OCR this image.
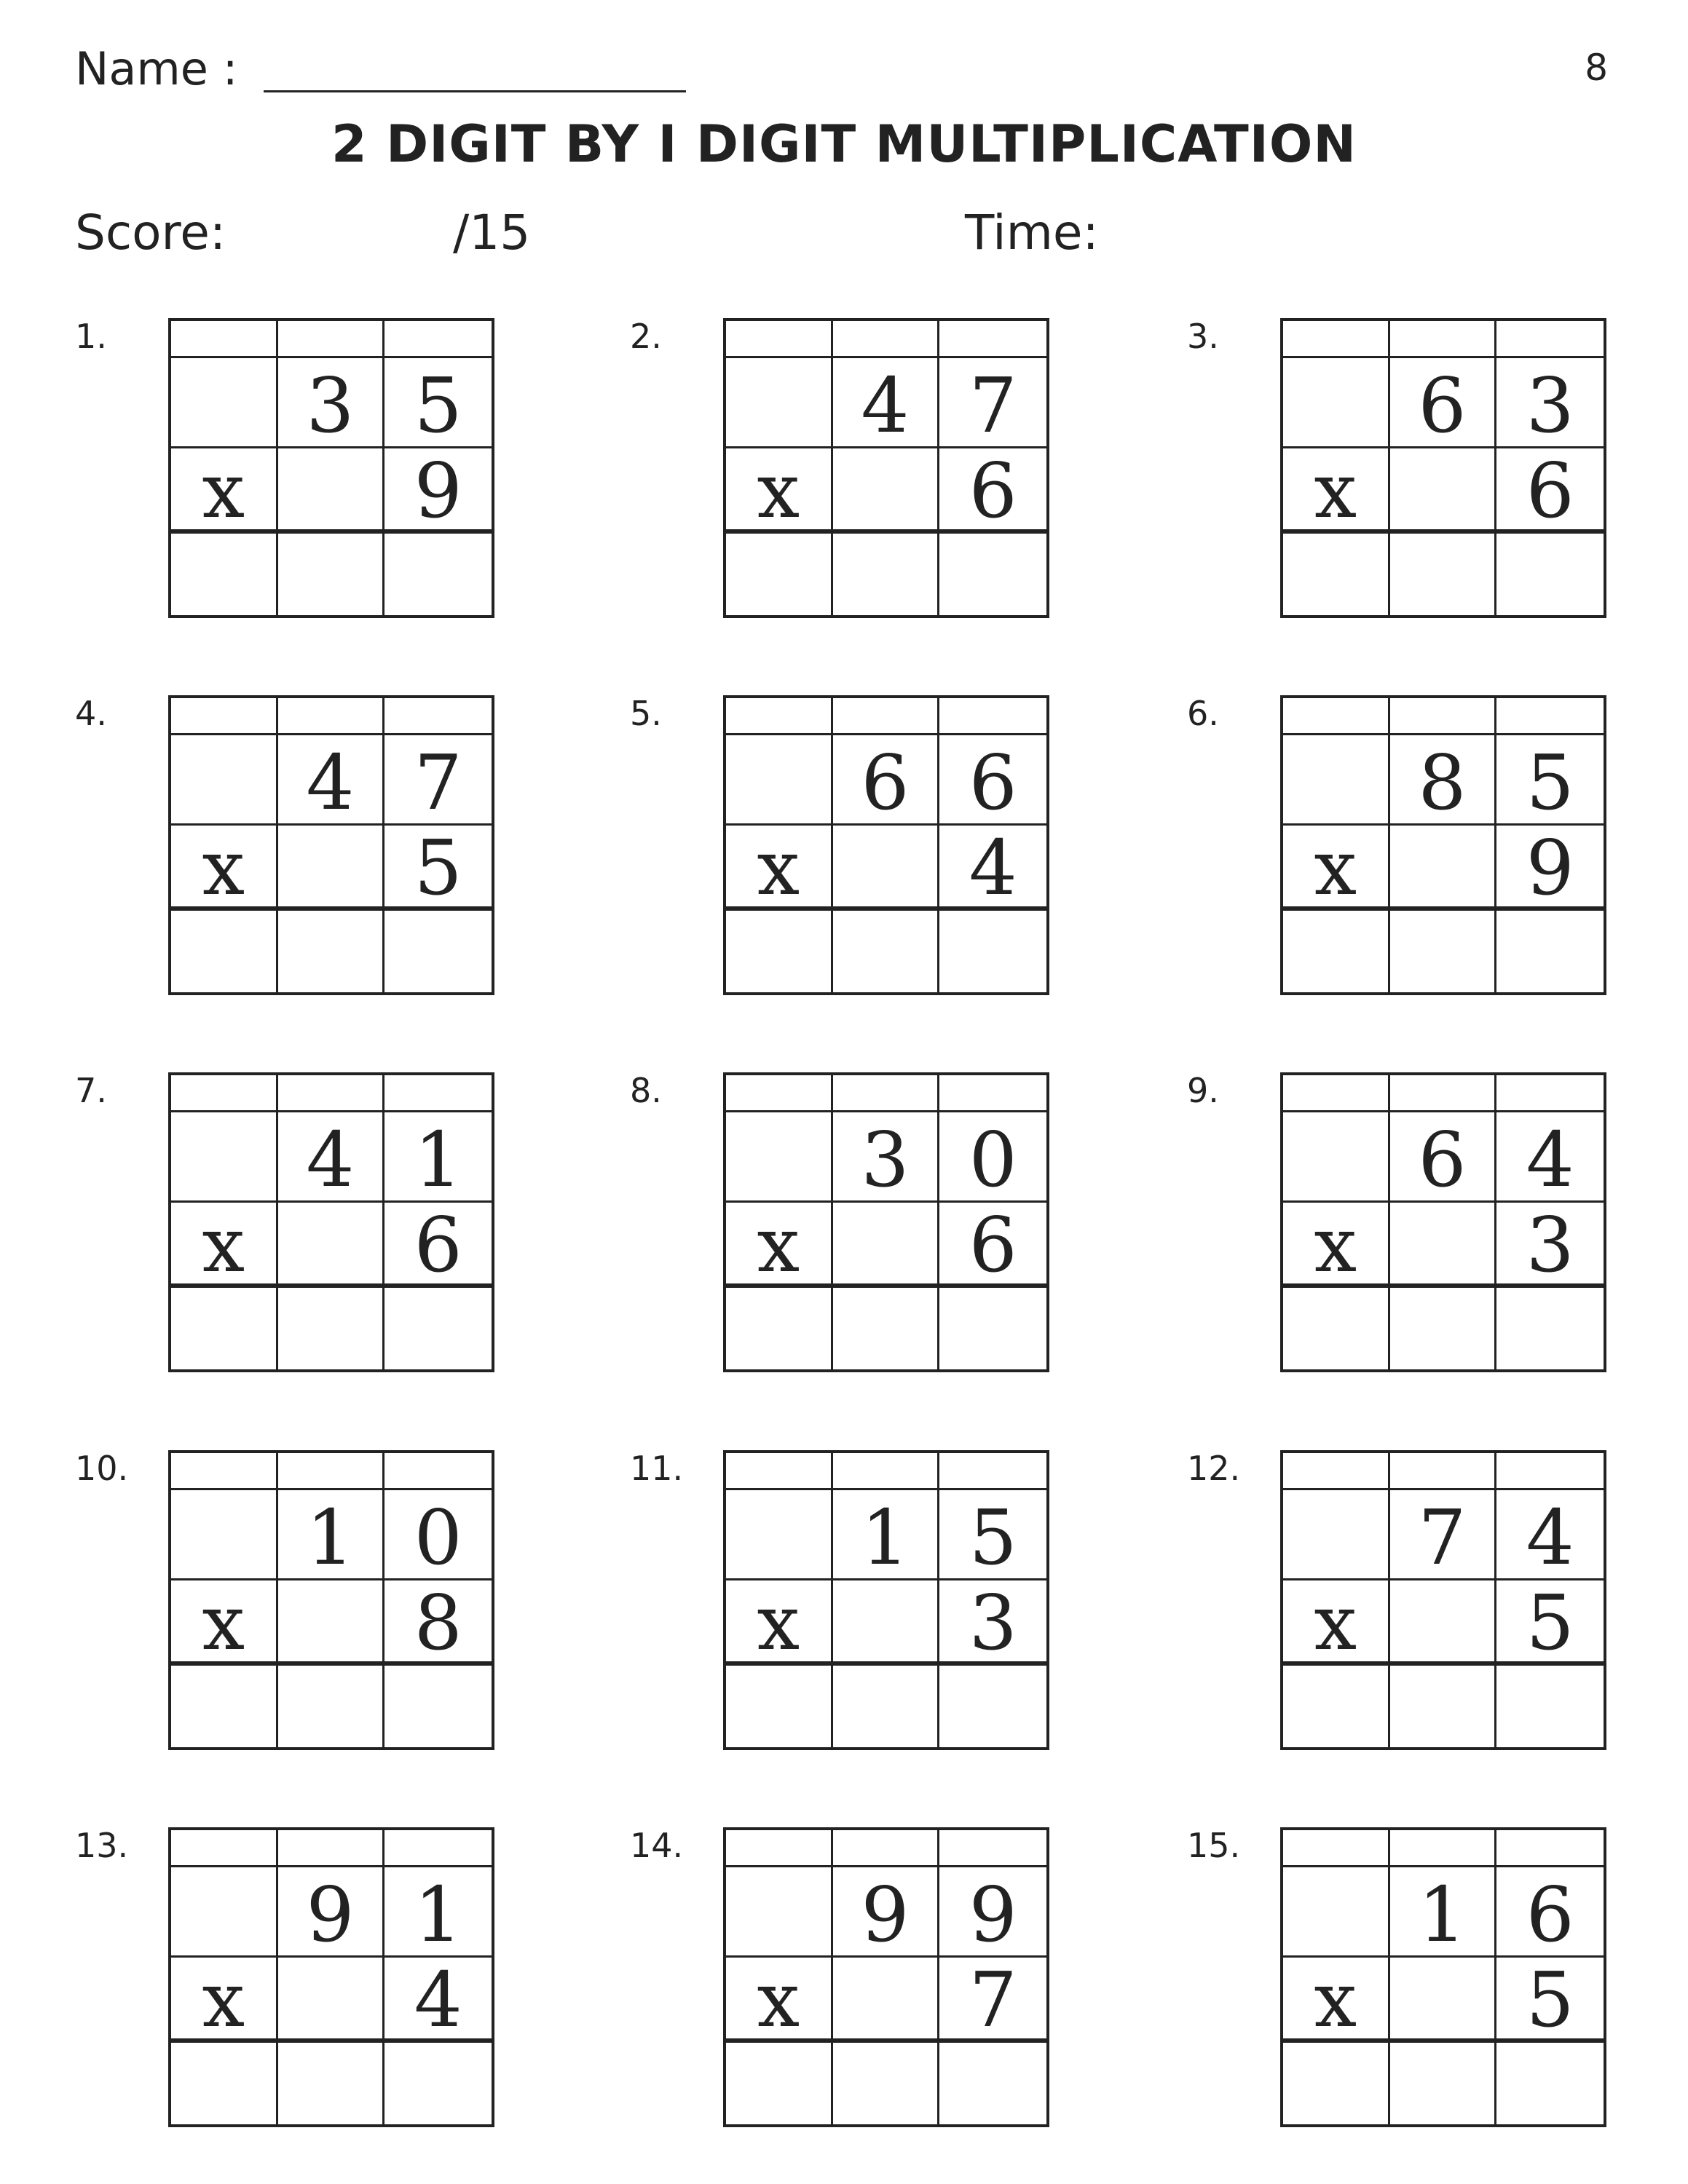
Name :	8
2 DIGIT BY I DIGIT MULTIPLICATION
Score:	/15	Time:
1.
3 5
x	9
2.
4 7
x	6
3.
6 3
x	6
4.
4 7
x	5
5.
6 6
x	4
6.
8 5
x	9
7.
4 1
x	6
8.
3 0
x	6
9.
6 4
x	3
10.
1 0
x	8
11.
1 5
x	3
12.
7 4
x	5
13.
9 1
x	4
14.
9 9
x	7
15.
1 6
x	5
